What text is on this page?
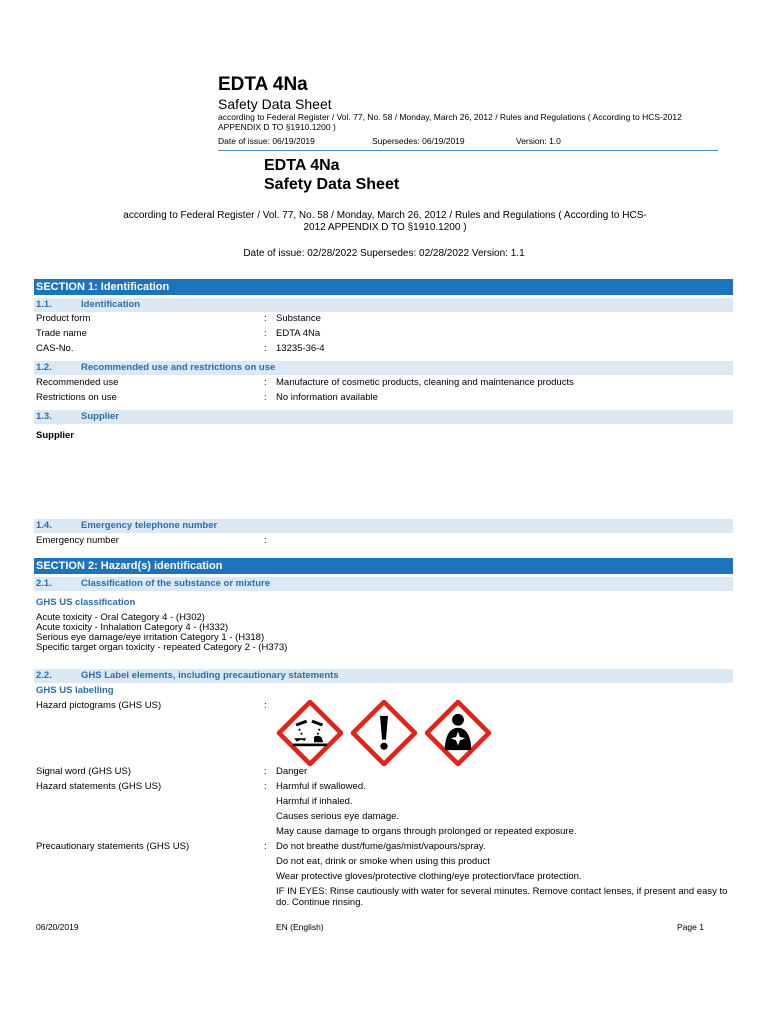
EDTA 4Na
Safety Data Sheet
according to Federal Register / Vol. 77, No. 58 / Monday, March 26, 2012 / Rules and Regulations ( According to HCS-2012 APPENDIX D TO §1910.1200 )
Date of issue: 06/19/2019	Supersedes: 06/19/2019	Version: 1.0
EDTA 4Na
Safety Data Sheet
according to Federal Register / Vol. 77, No. 58 / Monday, March 26, 2012 / Rules and Regulations ( According to HCS-
2012 APPENDIX D TO §1910.1200 )
Date of issue: 02/28/2022 Supersedes: 02/28/2022 Version: 1.1
SECTION 1: Identification
1.1.	Identification
Product form	: Substance
Trade name	: EDTA 4Na
CAS-No.	: 13235-36-4
1.2.	Recommended use and restrictions on use
Recommended use	: Manufacture of cosmetic products, cleaning and maintenance products
Restrictions on use	: No information available
1.3.	Supplier
Supplier
1.4.	Emergency telephone number
Emergency number	:
SECTION 2: Hazard(s) identification
2.1.	Classification of the substance or mixture
GHS US classification
Acute toxicity - Oral Category 4 - (H302)
Acute toxicity - Inhalation Category 4 - (H332)
Serious eye damage/eye irritation Category 1 - (H318)
Specific target organ toxicity - repeated Category 2 - (H373)
2.2.	GHS Label elements, including precautionary statements
GHS US labelling
Hazard pictograms (GHS US)	:
Signal word (GHS US)	: Danger
Hazard statements (GHS US)	: Harmful if swallowed.
Harmful if inhaled.
Causes serious eye damage.
May cause damage to organs through prolonged or repeated exposure.
Precautionary statements (GHS US)	: Do not breathe dust/fume/gas/mist/vapours/spray.
Do not eat, drink or smoke when using this product
Wear protective gloves/protective clothing/eye protection/face protection.
IF IN EYES: Rinse cautiously with water for several minutes. Remove contact lenses, if present and easy to do. Continue rinsing.
06/20/2019	EN (English)	Page 1
